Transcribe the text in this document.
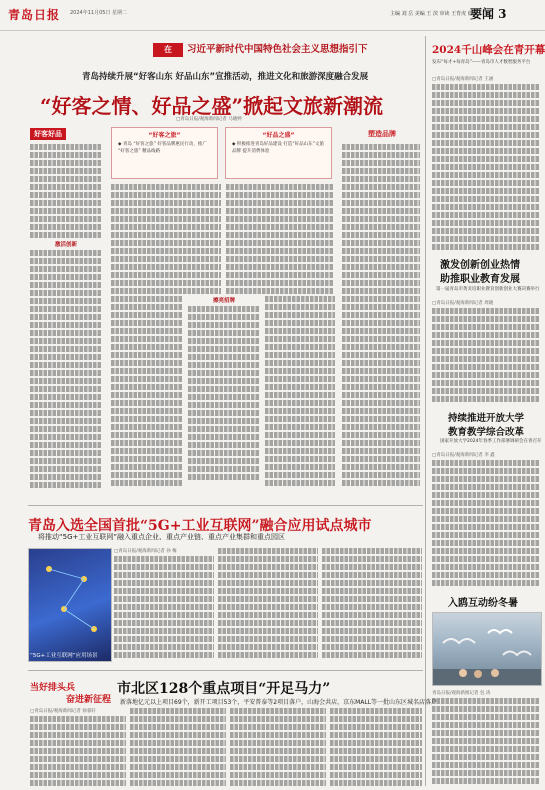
青岛日报 2024年11月05日 星期二	主编 刘 岳 美编 王 滨 审读 王育虎 值班 白 燕
要闻 3
在	习近平新时代中国特色社会主义思想指引下
青岛持续升展“好客山东 好品山东”宣推活动，推进文化和旅游深度融合发展
“好客之情、好品之盛”掀起文旅新潮流
□青岛日报/观海新闻记者 马晓婷
好客好品	塑造品牌
激活创新
“好客之旅”
◆ 青岛 “好客之旅” 好客品牌惠民行动，推广 “好客之旅” 精品线路
“好品之盛”
◆ 积极推进青岛好品建设 打造“好品山东”文旅品牌 提升消费体验
擦亮招牌
2024千山峰会在青开幕
发布“每才+每青岛”——青岛市人才数智服务平台
□青岛日报/观海新闻记者 王涵
激发创新创业热情
助推职业教育发展
第一届青岛市黄炎培职业教育创新创业大赛决赛举行
□青岛日报/观海新闻记者 周晓
持续推进开放大学
教育教学综合改革
国家开放大学2024年春季工作部署调研会在青召开
□青岛日报/观海新闻记者 李 鑫
入鸥互动纷冬暑
青岛日报/观海新闻记者 包 涛
青岛入选全国首批“5G+工业互联网”融合应用试点城市
将推动“5G+工业互联网”融入重点企业、重点产业链、重点产业集群和重点园区
“5G+工业互联网”应用场景
□青岛日报/观海新闻记者 孙 梅
当好排头兵
奋进新征程
市北区128个重点项目“开足马力”
新落地亿元以上项目69个，新开工项目53个，平安普泰等2项目落户，山海会共店，京东MALL等一批山东区城名店落户
□青岛日报/观海新闻记者 徐睿轩
